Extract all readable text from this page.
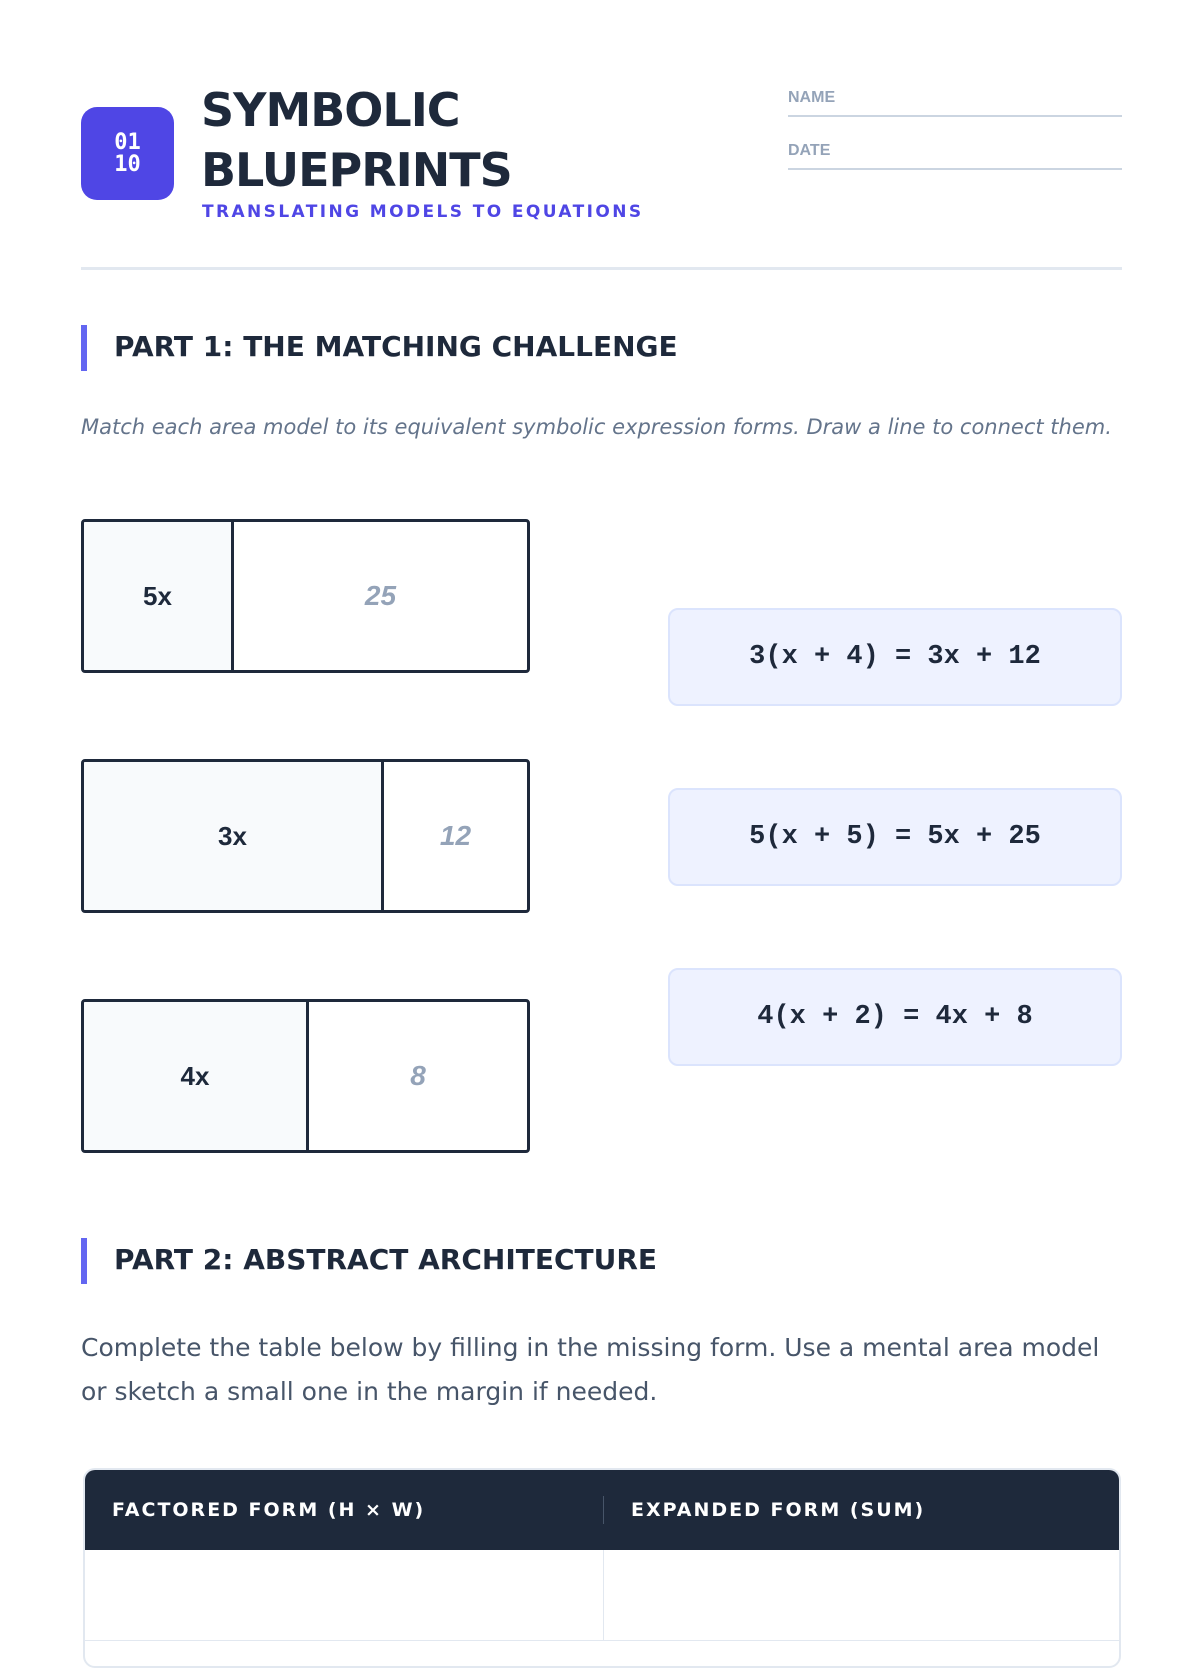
01
10
SYMBOLIC
BLUEPRINTS
TRANSLATING MODELS TO EQUATIONS
NAME
DATE
PART 1: THE MATCHING CHALLENGE
Match each area model to its equivalent symbolic expression forms. Draw a line to connect them.
5x	25
3x	12
4x	8
3(x + 4) = 3x + 12
5(x + 5) = 5x + 25
4(x + 2) = 4x + 8
PART 2: ABSTRACT ARCHITECTURE
Complete the table below by filling in the missing form. Use a mental area model or sketch a small one in the margin if needed.
FACTORED FORM (H × W)	EXPANDED FORM (SUM)
